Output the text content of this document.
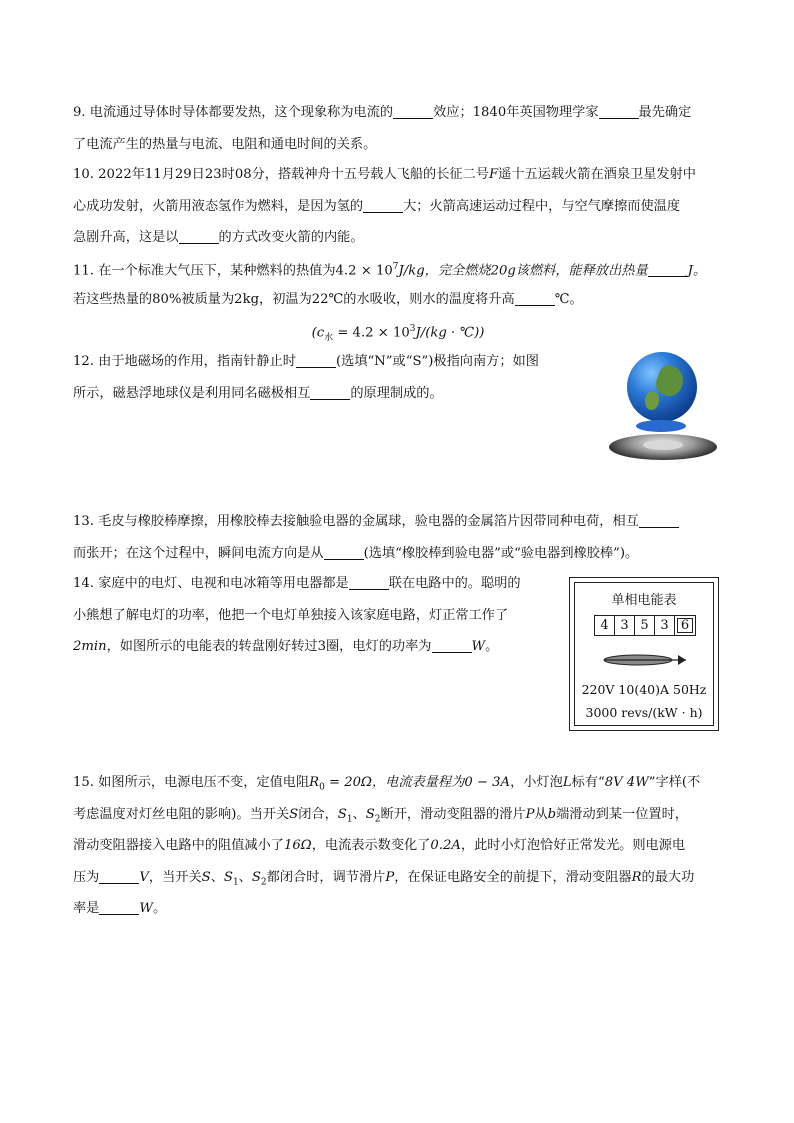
9. 电流通过导体时导体都要发热，这个现象称为电流的	效应；1840年英国物理学家	最先确定
了电流产生的热量与电流、电阻和通电时间的关系。
10. 2022年11月29日23时08分，搭载神舟十五号载人飞船的长征二号F遥十五运载火箭在酒泉卫星发射中
心成功发射，火箭用液态氢作为燃料，是因为氢的	大；火箭高速运动过程中，与空气摩擦而使温度
急剧升高，这是以	的方式改变火箭的内能。
11. 在一个标准大气压下，某种燃料的热值为$4.2 \times 10^7J/kg$，完全燃烧20g该燃料，能释放出热量	J。
若这些热量的80%被质量为2kg，初温为22℃的水吸收，则水的温度将升高	℃。
($c_水 = 4.2 \times 10^3J/(kg$ · ℃))
12. 由于地磁场的作用，指南针静止时	(选填“N”或“S”)极指向南方；如图
所示，磁悬浮地球仪是利用同名磁极相互	的原理制成的。
13. 毛皮与橡胶棒摩擦，用橡胶棒去接触验电器的金属球，验电器的金属箔片因带同种电荷，相互
而张开；在这个过程中，瞬间电流方向是从	(选填“橡胶棒到验电器”或“验电器到橡胶棒”)。
14. 家庭中的电灯、电视和电冰箱等用电器都是	联在电路中的。聪明的
小熊想了解电灯的功率，他把一个电灯单独接入该家庭电路，灯正常工作了
2min，如图所示的电能表的转盘刚好转过3圈，电灯的功率为	W。
单相电能表
4 3 5 3 6
220V 10(40)A 50Hz
3000 revs/(kW · h)
15. 如图所示，电源电压不变，定值电阻$R_0 = 20\Omega$，电流表量程为0 − 3A，小灯泡L标有“8V 4W”字样(不
考虑温度对灯丝电阻的影响)。当开关S闭合，$S_1$、$S_2$断开，滑动变阻器的滑片P从b端滑动到某一位置时，
滑动变阻器接入电路中的阻值减小了16Ω，电流表示数变化了0.2A，此时小灯泡恰好正常发光。则电源电
压为	V，当开关S、$S_1$、$S_2$都闭合时，调节滑片P，在保证电路安全的前提下，滑动变阻器R的最大功
率是	W。
